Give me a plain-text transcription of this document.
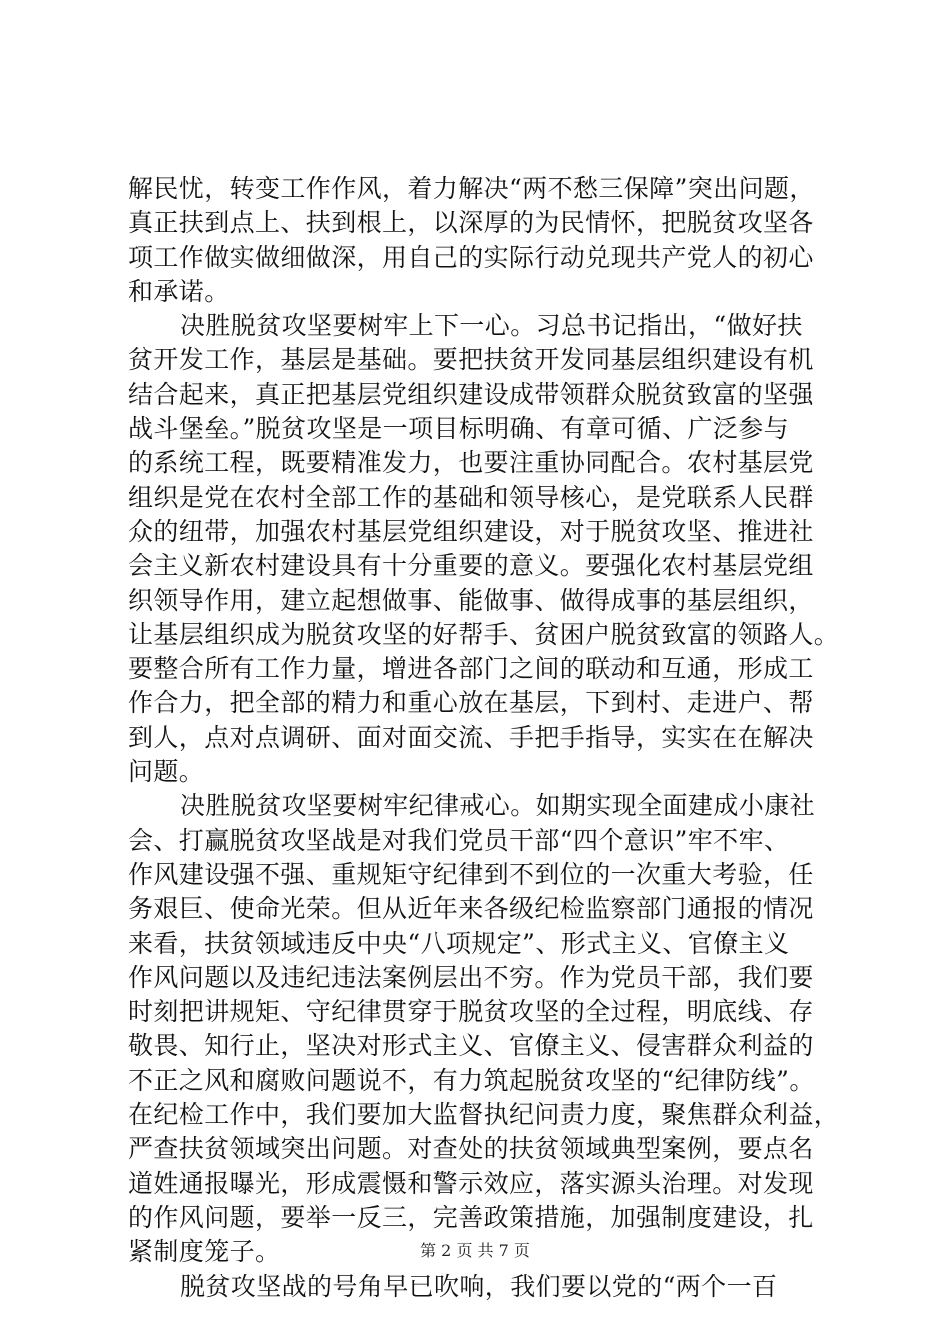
解民忧，转变工作作风，着力解决“两不愁三保障”突出问题，
真正扶到点上、扶到根上，以深厚的为民情怀，把脱贫攻坚各
项工作做实做细做深，用自己的实际行动兑现共产党人的初心
和承诺。
决胜脱贫攻坚要树牢上下一心。习总书记指出，“做好扶
贫开发工作，基层是基础。要把扶贫开发同基层组织建设有机
结合起来，真正把基层党组织建设成带领群众脱贫致富的坚强
战斗堡垒。”脱贫攻坚是一项目标明确、有章可循、广泛参与
的系统工程，既要精准发力，也要注重协同配合。农村基层党
组织是党在农村全部工作的基础和领导核心，是党联系人民群
众的纽带，加强农村基层党组织建设，对于脱贫攻坚、推进社
会主义新农村建设具有十分重要的意义。要强化农村基层党组
织领导作用，建立起想做事、能做事、做得成事的基层组织，
让基层组织成为脱贫攻坚的好帮手、贫困户脱贫致富的领路人。
要整合所有工作力量，增进各部门之间的联动和互通，形成工
作合力，把全部的精力和重心放在基层，下到村、走进户、帮
到人，点对点调研、面对面交流、手把手指导，实实在在解决
问题。
决胜脱贫攻坚要树牢纪律戒心。如期实现全面建成小康社
会、打赢脱贫攻坚战是对我们党员干部“四个意识”牢不牢、
作风建设强不强、重规矩守纪律到不到位的一次重大考验，任
务艰巨、使命光荣。但从近年来各级纪检监察部门通报的情况
来看，扶贫领域违反中央“八项规定”、形式主义、官僚主义
作风问题以及违纪违法案例层出不穷。作为党员干部，我们要
时刻把讲规矩、守纪律贯穿于脱贫攻坚的全过程，明底线、存
敬畏、知行止，坚决对形式主义、官僚主义、侵害群众利益的
不正之风和腐败问题说不，有力筑起脱贫攻坚的“纪律防线”。
在纪检工作中，我们要加大监督执纪问责力度，聚焦群众利益，
严查扶贫领域突出问题。对查处的扶贫领域典型案例，要点名
道姓通报曝光，形成震慑和警示效应，落实源头治理。对发现
的作风问题，要举一反三，完善政策措施，加强制度建设，扎
紧制度笼子。
脱贫攻坚战的号角早已吹响，我们要以党的“两个一百
第 2 页 共 7 页
